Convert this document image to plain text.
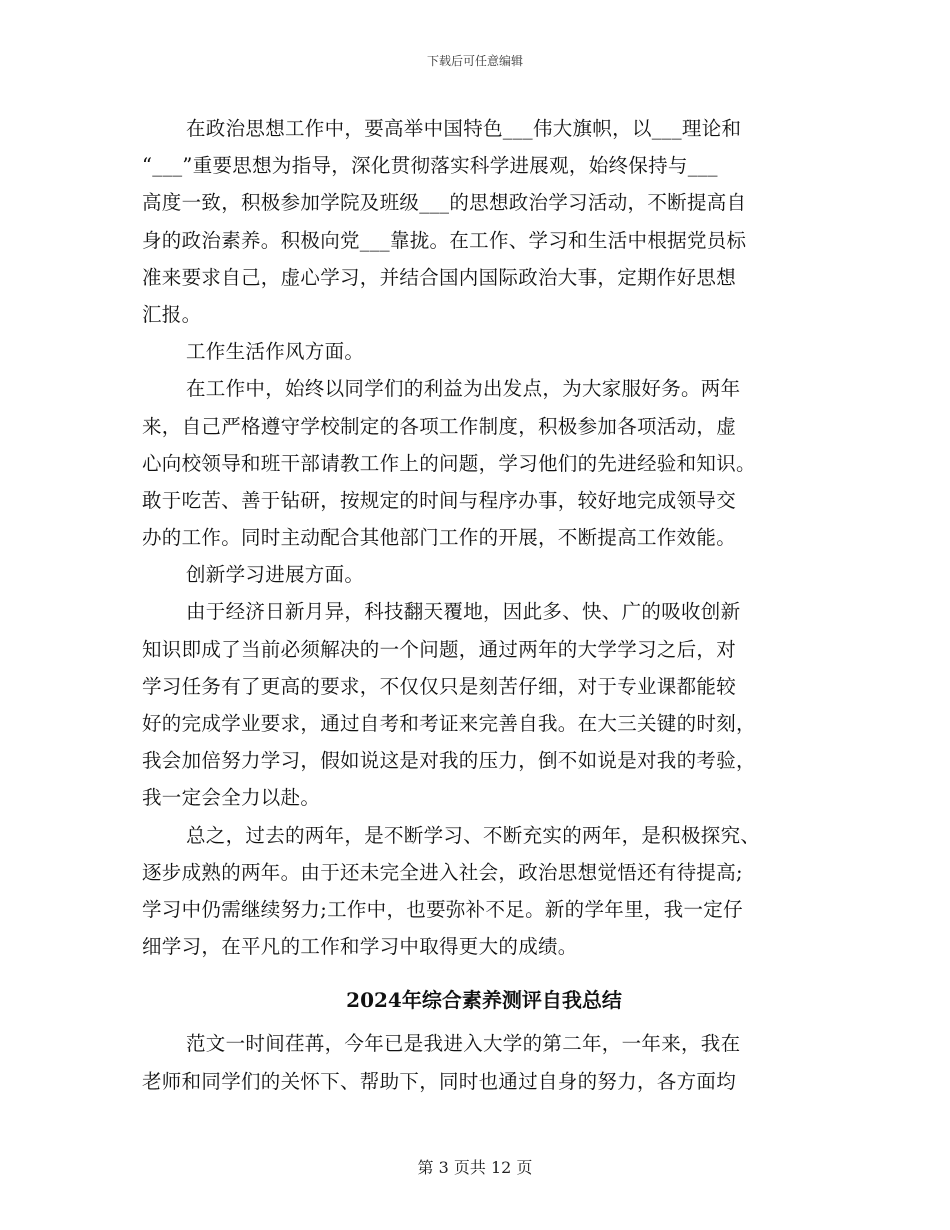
下载后可任意编辑
在政治思想工作中，要高举中国特色___伟大旗帜，以___理论和
“___”重要思想为指导，深化贯彻落实科学进展观，始终保持与___
高度一致，积极参加学院及班级___的思想政治学习活动，不断提高自
身的政治素养。积极向党___靠拢。在工作、学习和生活中根据党员标
准来要求自己，虚心学习，并结合国内国际政治大事，定期作好思想
汇报。
工作生活作风方面。
在工作中，始终以同学们的利益为出发点，为大家服好务。两年
来，自己严格遵守学校制定的各项工作制度，积极参加各项活动，虚
心向校领导和班干部请教工作上的问题，学习他们的先进经验和知识。
敢于吃苦、善于钻研，按规定的时间与程序办事，较好地完成领导交
办的工作。同时主动配合其他部门工作的开展，不断提高工作效能。
创新学习进展方面。
由于经济日新月异，科技翻天覆地，因此多、快、广的吸收创新
知识即成了当前必须解决的一个问题，通过两年的大学学习之后，对
学习任务有了更高的要求，不仅仅只是刻苦仔细，对于专业课都能较
好的完成学业要求，通过自考和考证来完善自我。在大三关键的时刻，
我会加倍努力学习，假如说这是对我的压力，倒不如说是对我的考验，
我一定会全力以赴。
总之，过去的两年，是不断学习、不断充实的两年，是积极探究、
逐步成熟的两年。由于还未完全进入社会，政治思想觉悟还有待提高;
学习中仍需继续努力;工作中，也要弥补不足。新的学年里，我一定仔
细学习，在平凡的工作和学习中取得更大的成绩。
2024年综合素养测评自我总结
范文一时间荏苒，今年已是我进入大学的第二年，一年来，我在
老师和同学们的关怀下、帮助下，同时也通过自身的努力，各方面均
第 3 页共 12 页
